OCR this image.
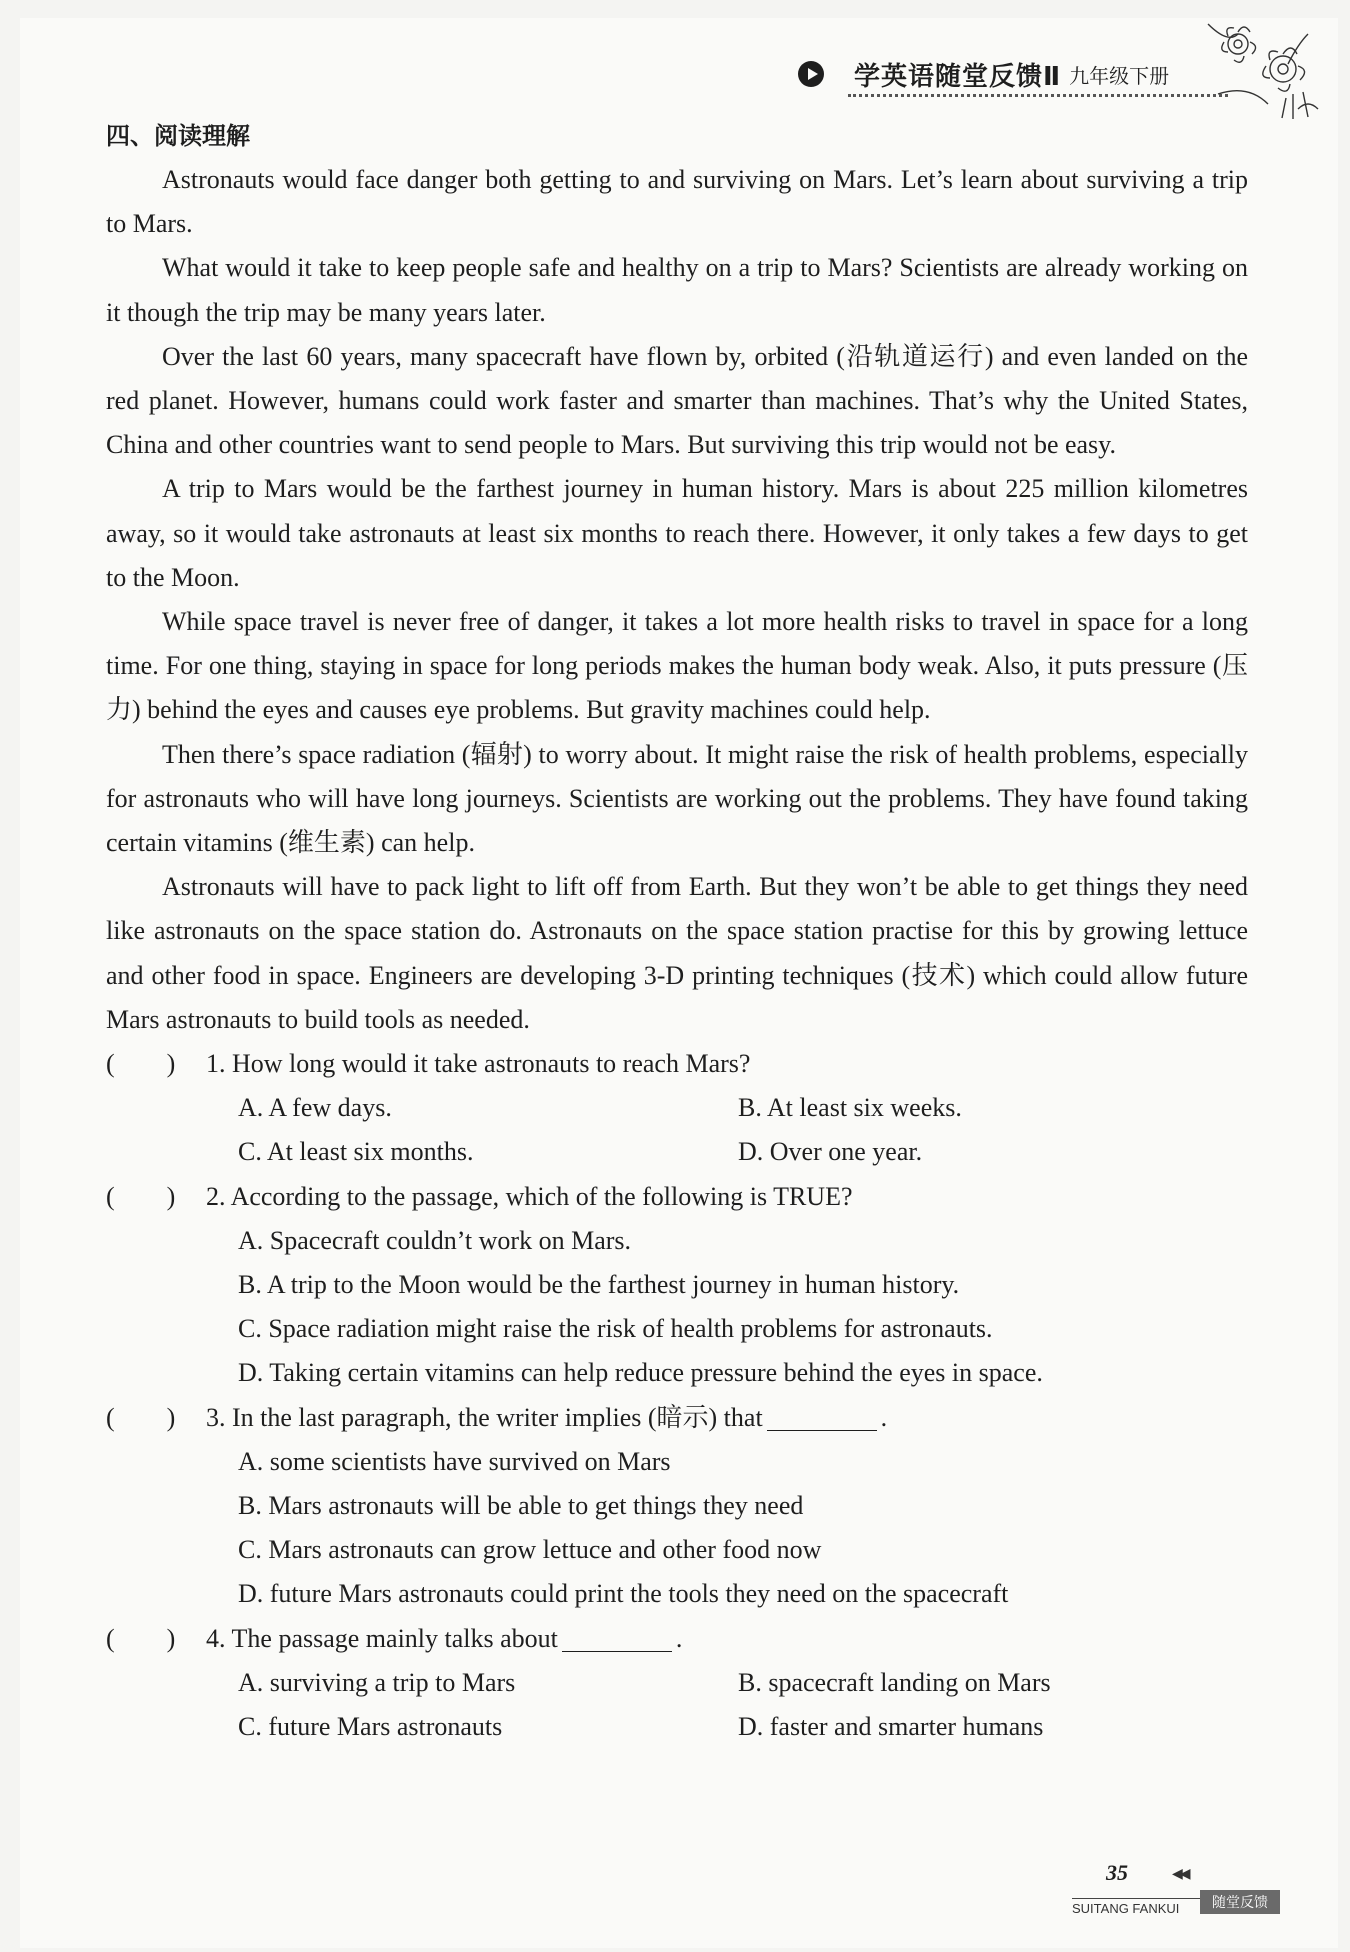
学英语随堂反馈Ⅱ 九年级下册
四、阅读理解

Astronauts would face danger both getting to and surviving on Mars. Let’s learn about surviving a trip to Mars.

What would it take to keep people safe and healthy on a trip to Mars? Scientists are already working on it though the trip may be many years later.

Over the last 60 years, many spacecraft have flown by, orbited (沿轨道运行) and even landed on the red planet. However, humans could work faster and smarter than machines. That’s why the United States, China and other countries want to send people to Mars. But surviving this trip would not be easy.

A trip to Mars would be the farthest journey in human history. Mars is about 225 million kilometres away, so it would take astronauts at least six months to reach there. However, it only takes a few days to get to the Moon.

While space travel is never free of danger, it takes a lot more health risks to travel in space for a long time. For one thing, staying in space for long periods makes the human body weak. Also, it puts pressure (压力) behind the eyes and causes eye problems. But gravity machines could help.

Then there’s space radiation (辐射) to worry about. It might raise the risk of health problems, especially for astronauts who will have long journeys. Scientists are working out the problems. They have found taking certain vitamins (维生素) can help.

Astronauts will have to pack light to lift off from Earth. But they won’t be able to get things they need like astronauts on the space station do. Astronauts on the space station practise for this by growing lettuce and other food in space. Engineers are developing 3-D printing techniques (技术) which could allow future Mars astronauts to build tools as needed.

(　　)	1. How long would it take astronauts to reach Mars?
A. A few days.	B. At least six weeks.
C. At least six months.	D. Over one year.
(　　)	2. According to the passage, which of the following is TRUE?
A. Spacecraft couldn’t work on Mars.
B. A trip to the Moon would be the farthest journey in human history.
C. Space radiation might raise the risk of health problems for astronauts.
D. Taking certain vitamins can help reduce pressure behind the eyes in space.
(　　)	3. In the last paragraph, the writer implies (暗示) that	.
A. some scientists have survived on Mars
B. Mars astronauts will be able to get things they need
C. Mars astronauts can grow lettuce and other food now
D. future Mars astronauts could print the tools they need on the spacecraft
(　　)	4. The passage mainly talks about	.
A. surviving a trip to Mars	B. spacecraft landing on Mars
C. future Mars astronauts	D. faster and smarter humans
35	◀◀
SUITANG FANKUI	随堂反馈
